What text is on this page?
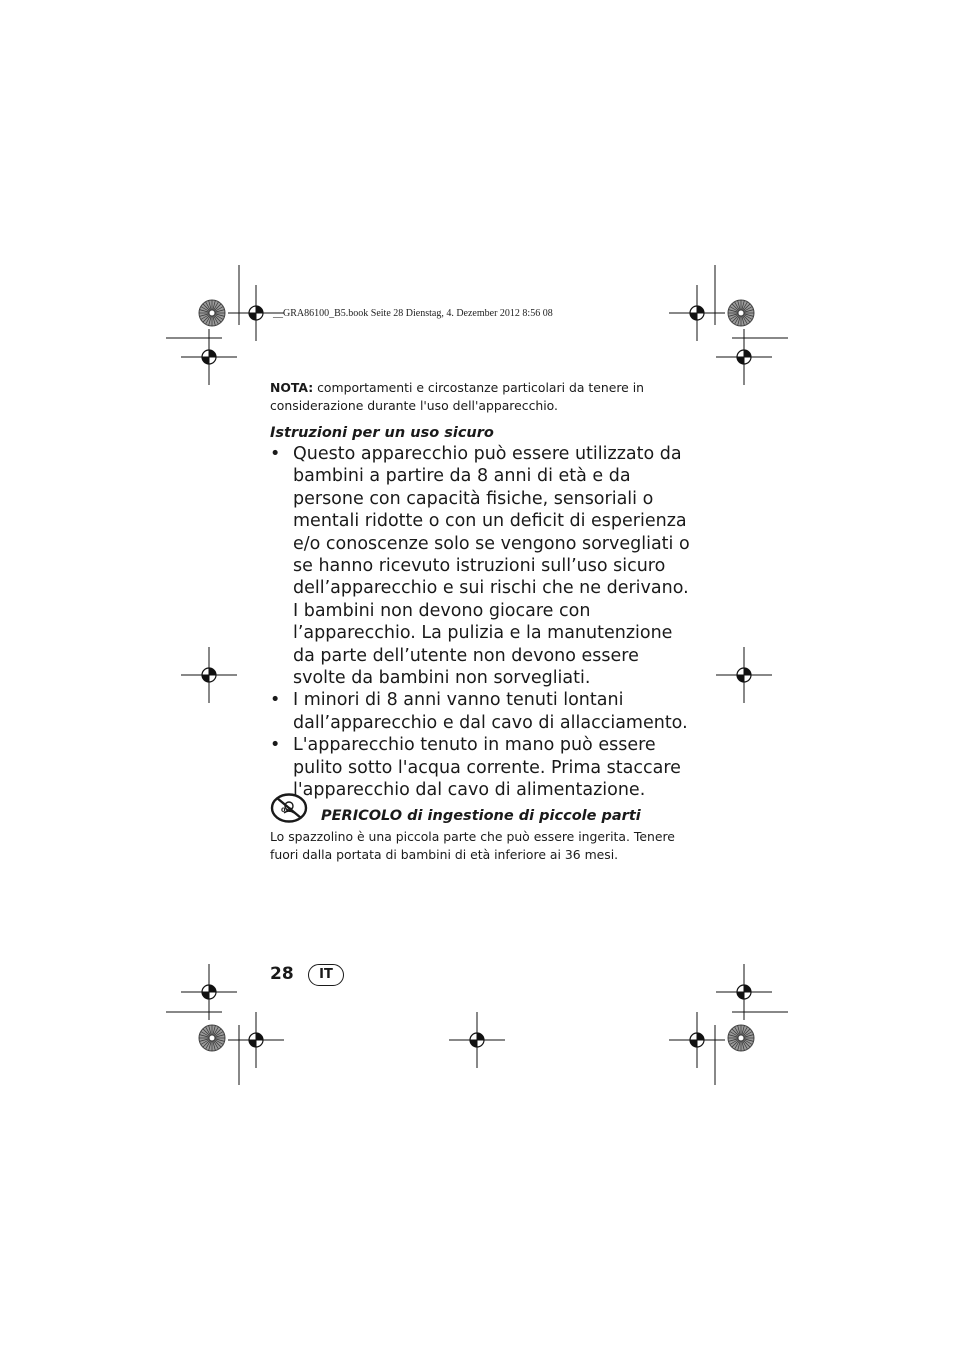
__GRA86100_B5.book Seite 28 Dienstag, 4. Dezember 2012 8:56 08
NOTA: comportamenti e circostanze particolari da tenere in considerazione durante l'uso dell'apparecchio.
Istruzioni per un uso sicuro
• Questo apparecchio può essere utilizzato da bambini a partire da 8 anni di età e da persone con capacità fisiche, sensoriali o mentali ridotte o con un deficit di esperienza e/o conoscenze solo se vengono sorvegliati o se hanno ricevuto istruzioni sull’uso sicuro dell’apparecchio e sui rischi che ne derivano. I bambini non devono giocare con l’apparecchio. La pulizia e la manutenzione da parte dell’utente non devono essere svolte da bambini non sorvegliati.
• I minori di 8 anni vanno tenuti lontani dall’apparecchio e dal cavo di allacciamento.
• L'apparecchio tenuto in mano può essere pulito sotto l'acqua corrente. Prima staccare l'apparecchio dal cavo di alimentazione.
0-3 PERICOLO di ingestione di piccole parti
Lo spazzolino è una piccola parte che può essere ingerita. Tenere fuori dalla portata di bambini di età inferiore ai 36 mesi.
28	IT
